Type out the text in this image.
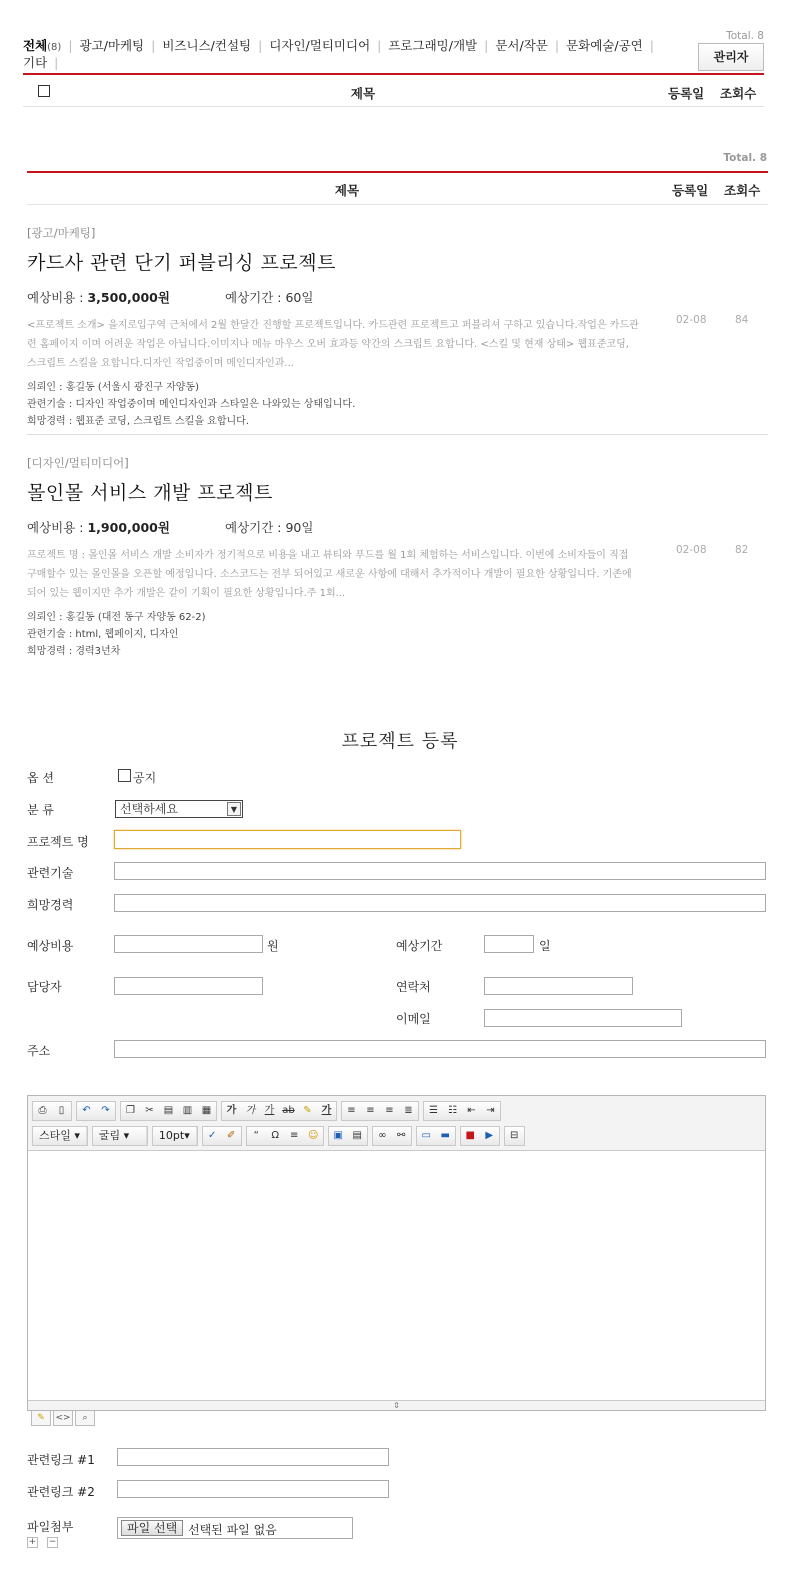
전체(8) | 광고/마케팅 | 비즈니스/컨설팅 | 디자인/멀티미디어 | 프로그래밍/개발 | 문서/작문 | 문화예술/공연 |기타 |
Total. 8
관리자
제목	등록일 조회수
Total. 8
제목	등록일 조회수
[광고/마케팅]
카드사 관련 단기 퍼블리싱 프로젝트
예상비용 : 3,500,000원	예상기간 : 60일
<프로젝트 소개> 을지로입구역 근처에서 2월 한달간 진행할 프로젝트입니다. 카드관련 프로젝트고 퍼블리셔 구하고 있습니다.작업은 카드관련 홈페이지 이며 어려운 작업은 아닙니다.이미지나 메뉴 마우스 오버 효과등 약간의 스크립트 요합니다. <스킬 및 현재 상태> 웹표준코딩, 스크립트 스킬을 요합니다.디자인 작업중이며 메인디자인과...
02-08	84
의뢰인 : 홍길동 (서울시 광진구 자양동)
관련기술 : 디자인 작업중이며 메인디자인과 스타일은 나와있는 상태입니다.
희망경력 : 웹표준 코딩, 스크립트 스킬을 요합니다.
[디자인/멀티미디어]
몰인몰 서비스 개발 프로젝트
예상비용 : 1,900,000원	예상기간 : 90일
프로젝트 명 : 몰인몰 서비스 개발 소비자가 정기적으로 비용을 내고 뷰티와 푸드를 월 1회 체험하는 서비스입니다. 이번에 소비자들이 직접 구매할수 있는 몰인몰을 오픈할 예정입니다. 소스코드는 전부 되어있고 새로운 사항에 대해서 추가적이나 개발이 필요한 상황입니다. 기존에 되어 있는 웹이지만 추가 개발은 같이 기획이 필요한 상황입니다.주 1회...
02-08	82
의뢰인 : 홍길동 (대전 동구 자양동 62-2)
관련기술 : html, 웹페이지, 디자인
희망경력 : 경력3년차
프로젝트 등록
옵 션	공지
분 류	선택하세요	▼
프로젝트 명
관련기술
희망경력
예상비용	원	예상기간	일
담당자	연락처
이메일
주소
⎙	▯	↶	↷	❐	✂	▤ ▥ ▦	가 가 가 ab ✎ 가	≡	≡	≡	≣	☰	☷	⇤	⇥
스타일 ▾	굴림 ▾	10pt▾	✓	✐	“	Ω	≡ ☺	▣ ▤	∞	⚯	▭ ▬	■	▶	⊟
⇕
✎	<>	⌕
관련링크 #1
관련링크 #2
파일첨부	파일 선택 선택된 파일 없음
+ −
